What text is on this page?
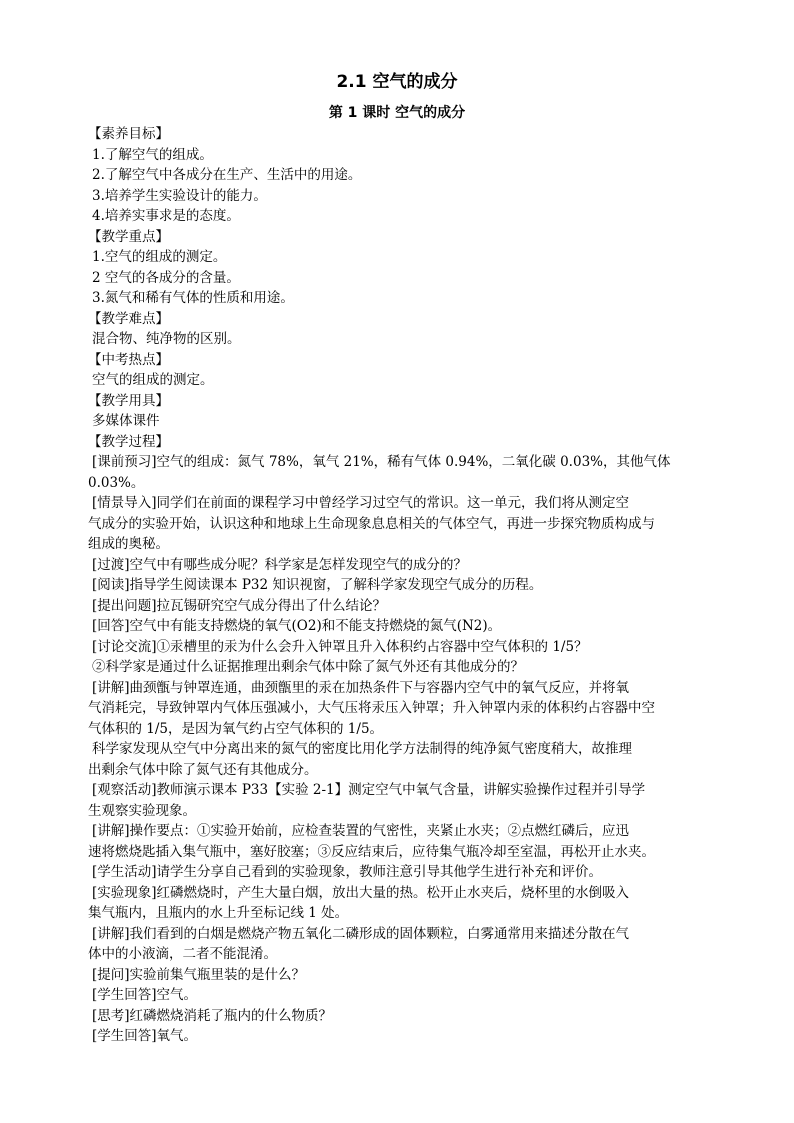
2.1 空气的成分
第 1 课时 空气的成分
【素养目标】
1.了解空气的组成。
2.了解空气中各成分在生产、生活中的用途。
3.培养学生实验设计的能力。
4.培养实事求是的态度。
【教学重点】
1.空气的组成的测定。
2 空气的各成分的含量。
3.氮气和稀有气体的性质和用途。
【教学难点】
混合物、纯净物的区别。
【中考热点】
空气的组成的测定。
【教学用具】
多媒体课件
【教学过程】
[课前预习]空气的组成：氮气 78%，氧气 21%，稀有气体 0.94%，二氧化碳 0.03%，其他气体
0.03%。
[情景导入]同学们在前面的课程学习中曾经学习过空气的常识。这一单元，我们将从测定空
气成分的实验开始，认识这种和地球上生命现象息息相关的气体空气，再进一步探究物质构成与
组成的奥秘。
[过渡]空气中有哪些成分呢？科学家是怎样发现空气的成分的？
[阅读]指导学生阅读课本 P32 知识视窗，了解科学家发现空气成分的历程。
[提出问题]拉瓦锡研究空气成分得出了什么结论？
[回答]空气中有能支持燃烧的氧气(O2)和不能支持燃烧的氮气(N2)。
[讨论交流]①汞槽里的汞为什么会升入钟罩且升入体积约占容器中空气体积的 1/5？
②科学家是通过什么证据推理出剩余气体中除了氮气外还有其他成分的？
[讲解]曲颈甑与钟罩连通，曲颈甑里的汞在加热条件下与容器内空气中的氧气反应，并将氧
气消耗完，导致钟罩内气体压强减小，大气压将汞压入钟罩；升入钟罩内汞的体积约占容器中空
气体积的 1/5，是因为氧气约占空气体积的 1/5。
科学家发现从空气中分离出来的氮气的密度比用化学方法制得的纯净氮气密度稍大，故推理
出剩余气体中除了氮气还有其他成分。
[观察活动]教师演示课本 P33【实验 2-1】测定空气中氧气含量，讲解实验操作过程并引导学
生观察实验现象。
[讲解]操作要点：①实验开始前，应检查装置的气密性，夹紧止水夹；②点燃红磷后，应迅
速将燃烧匙插入集气瓶中，塞好胶塞；③反应结束后，应待集气瓶冷却至室温，再松开止水夹。
[学生活动]请学生分享自己看到的实验现象，教师注意引导其他学生进行补充和评价。
[实验现象]红磷燃烧时，产生大量白烟，放出大量的热。松开止水夹后，烧杯里的水倒吸入
集气瓶内，且瓶内的水上升至标记线 1 处。
[讲解]我们看到的白烟是燃烧产物五氧化二磷形成的固体颗粒，白雾通常用来描述分散在气
体中的小液滴，二者不能混淆。
[提问]实验前集气瓶里装的是什么？
[学生回答]空气。
[思考]红磷燃烧消耗了瓶内的什么物质？
[学生回答]氧气。
